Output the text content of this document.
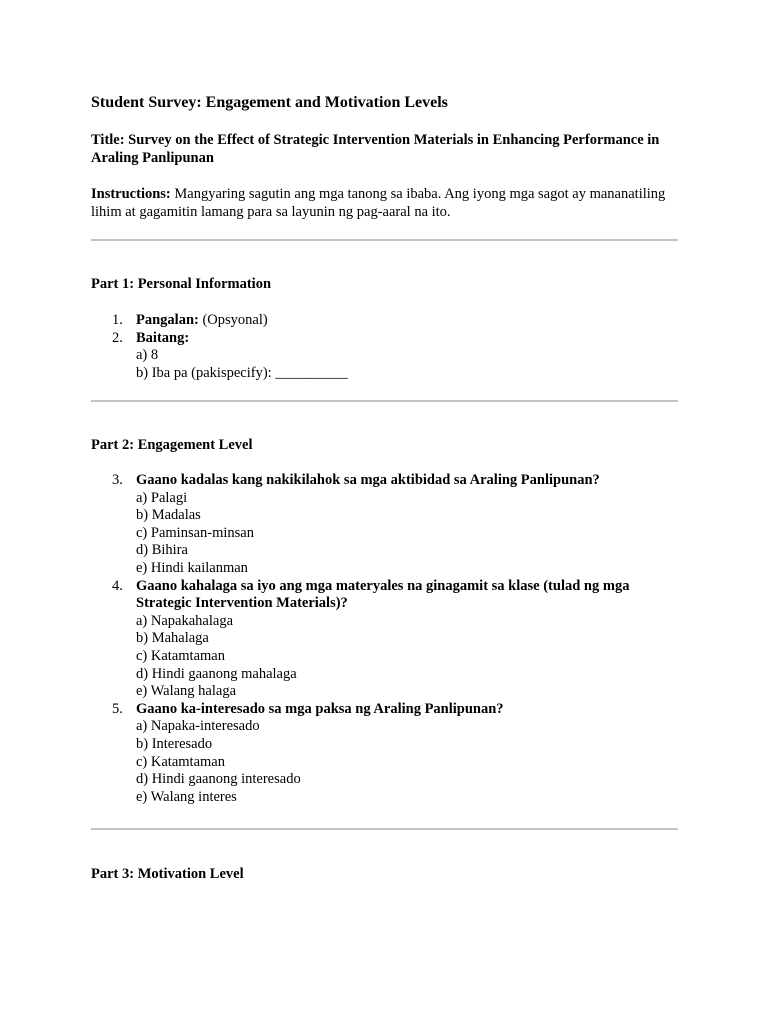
Student Survey: Engagement and Motivation Levels

Title: Survey on the Effect of Strategic Intervention Materials in Enhancing Performance in Araling Panlipunan

Instructions: Mangyaring sagutin ang mga tanong sa ibaba. Ang iyong mga sagot ay mananatiling lihim at gagamitin lamang para sa layunin ng pag-aaral na ito.

Part 1: Personal Information
1. Pangalan: (Opsyonal)
2. Baitang:
a) 8
b) Iba pa (pakispecify): __________
Part 2: Engagement Level
3. Gaano kadalas kang nakikilahok sa mga aktibidad sa Araling Panlipunan?
a) Palagi
b) Madalas
c) Paminsan-minsan
d) Bihira
e) Hindi kailanman
4. Gaano kahalaga sa iyo ang mga materyales na ginagamit sa klase (tulad ng mga Strategic Intervention Materials)?
a) Napakahalaga
b) Mahalaga
c) Katamtaman
d) Hindi gaanong mahalaga
e) Walang halaga
5. Gaano ka-interesado sa mga paksa ng Araling Panlipunan?
a) Napaka-interesado
b) Interesado
c) Katamtaman
d) Hindi gaanong interesado
e) Walang interes
Part 3: Motivation Level
